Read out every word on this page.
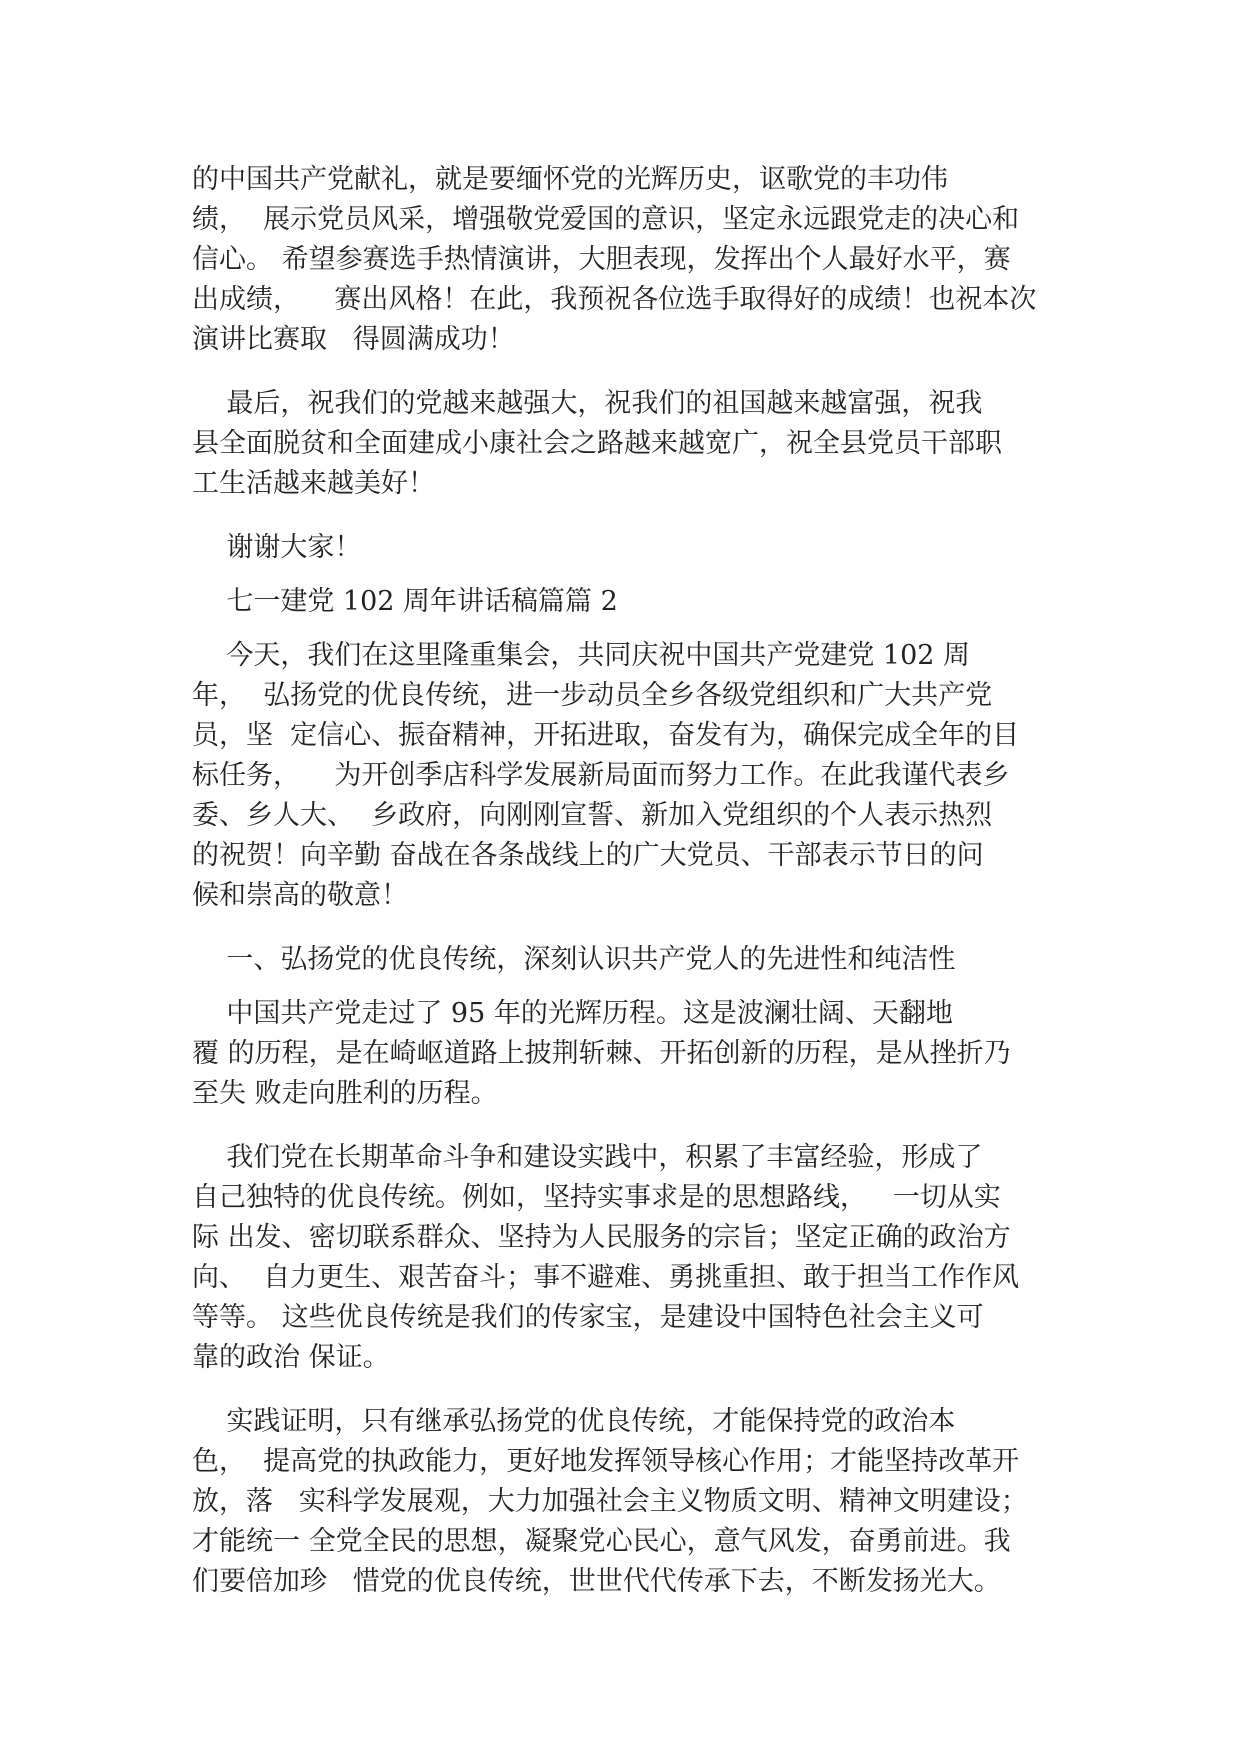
的中国共产党献礼，就是要缅怀党的光辉历史，讴歌党的丰功伟
绩，  展示党员风采，增强敬党爱国的意识，坚定永远跟党走的决心和
信心。 希望参赛选手热情演讲，大胆表现，发挥出个人最好水平，赛
出成绩，    赛出风格！在此，我预祝各位选手取得好的成绩！也祝本次
演讲比赛取   得圆满成功！
最后，祝我们的党越来越强大，祝我们的祖国越来越富强，祝我
县全面脱贫和全面建成小康社会之路越来越宽广，祝全县党员干部职
工生活越来越美好！
谢谢大家！
七一建党 102 周年讲话稿篇篇 2
今天，我们在这里隆重集会，共同庆祝中国共产党建党 102 周
年，  弘扬党的优良传统，进一步动员全乡各级党组织和广大共产党
员，坚  定信心、振奋精神，开拓进取，奋发有为，确保完成全年的目
标任务，    为开创季店科学发展新局面而努力工作。在此我谨代表乡
委、乡人大、  乡政府，向刚刚宣誓、新加入党组织的个人表示热烈
的祝贺！向辛勤 奋战在各条战线上的广大党员、干部表示节日的问
候和崇高的敬意！
一、弘扬党的优良传统，深刻认识共产党人的先进性和纯洁性
中国共产党走过了 95 年的光辉历程。这是波澜壮阔、天翻地
覆 的历程，是在崎岖道路上披荆斩棘、开拓创新的历程，是从挫折乃
至失 败走向胜利的历程。
我们党在长期革命斗争和建设实践中，积累了丰富经验，形成了
自己独特的优良传统。例如，坚持实事求是的思想路线，   一切从实
际 出发、密切联系群众、坚持为人民服务的宗旨；坚定正确的政治方
向、  自力更生、艰苦奋斗；事不避难、勇挑重担、敢于担当工作作风
等等。 这些优良传统是我们的传家宝，是建设中国特色社会主义可
靠的政治 保证。
实践证明，只有继承弘扬党的优良传统，才能保持党的政治本
色，  提高党的执政能力，更好地发挥领导核心作用；才能坚持改革开
放，落   实科学发展观，大力加强社会主义物质文明、精神文明建设；
才能统一 全党全民的思想，凝聚党心民心，意气风发，奋勇前进。我
们要倍加珍   惜党的优良传统，世世代代传承下去，不断发扬光大。
